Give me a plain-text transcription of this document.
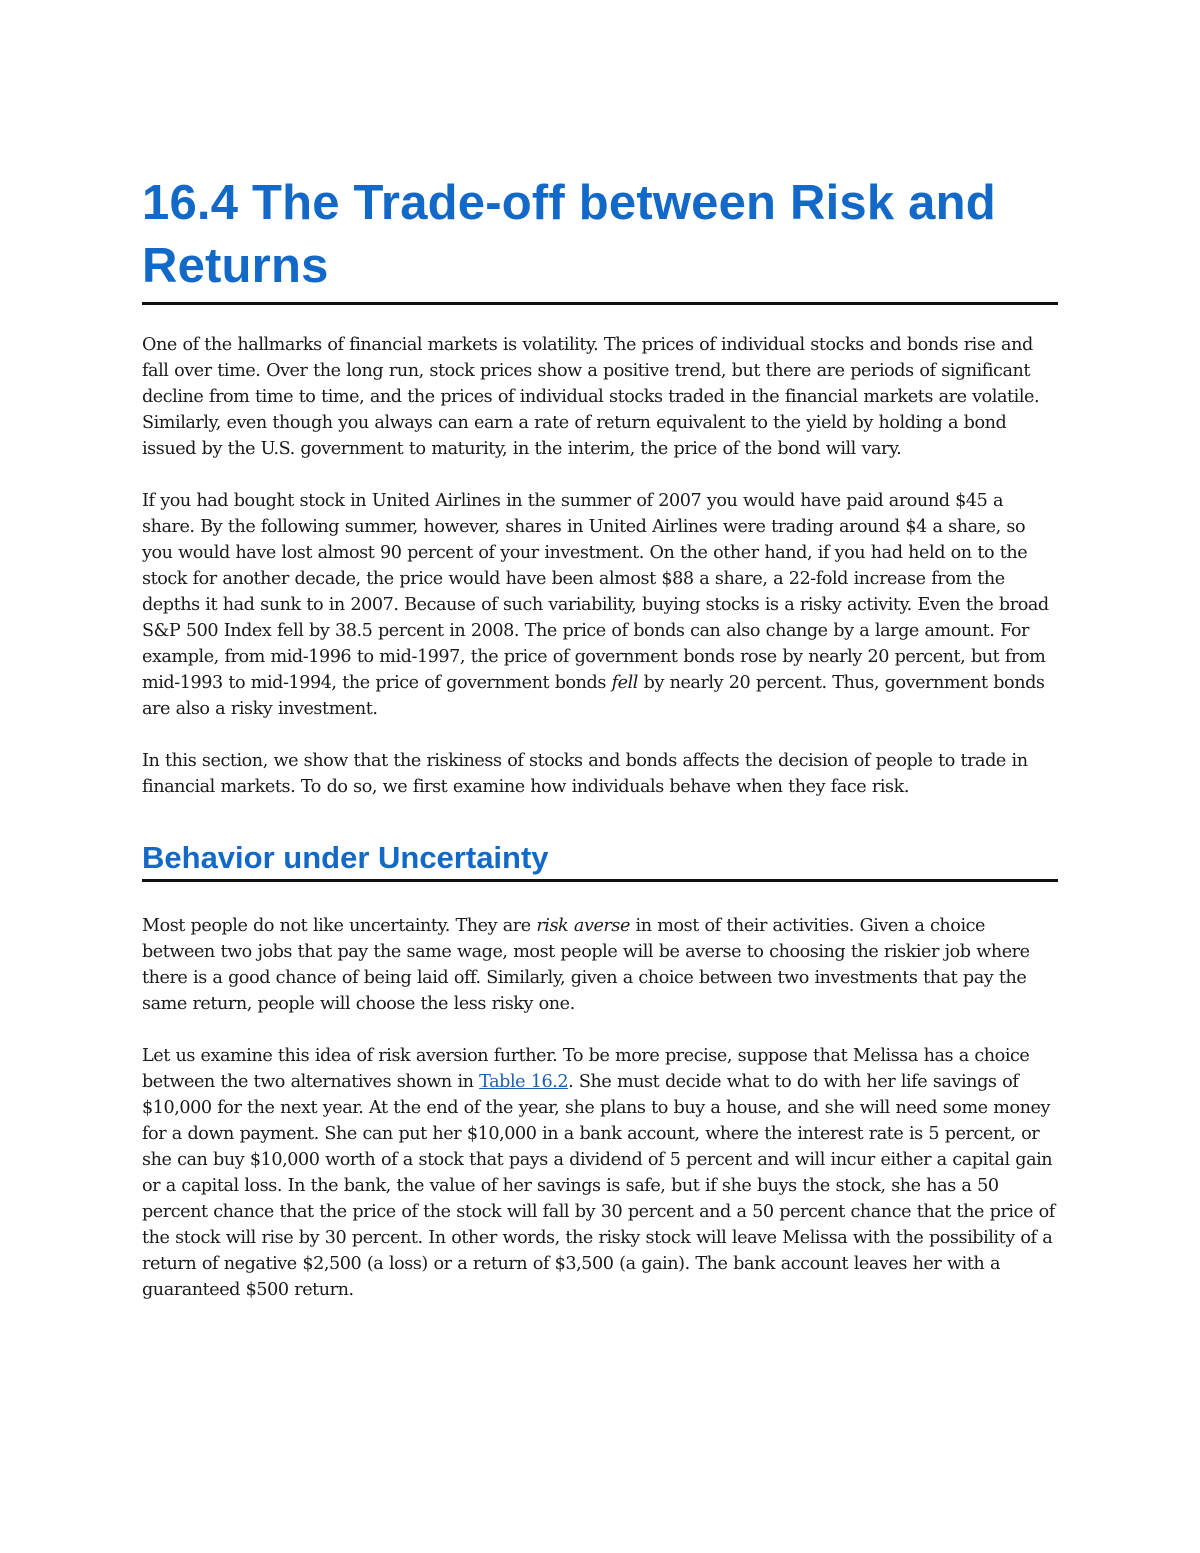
16.4 The Trade-off between Risk and Returns

One of the hallmarks of financial markets is volatility. The prices of individual stocks and bonds rise and fall over time. Over the long run, stock prices show a positive trend, but there are periods of significant decline from time to time, and the prices of individual stocks traded in the financial markets are volatile. Similarly, even though you always can earn a rate of return equivalent to the yield by holding a bond issued by the U.S. government to maturity, in the interim, the price of the bond will vary.

If you had bought stock in United Airlines in the summer of 2007 you would have paid around $45 a share. By the following summer, however, shares in United Airlines were trading around $4 a share, so you would have lost almost 90 percent of your investment. On the other hand, if you had held on to the stock for another decade, the price would have been almost $88 a share, a 22-fold increase from the depths it had sunk to in 2007. Because of such variability, buying stocks is a risky activity. Even the broad S&P 500 Index fell by 38.5 percent in 2008. The price of bonds can also change by a large amount. For example, from mid-1996 to mid-1997, the price of government bonds rose by nearly 20 percent, but from mid-1993 to mid-1994, the price of government bonds fell by nearly 20 percent. Thus, government bonds are also a risky investment.

In this section, we show that the riskiness of stocks and bonds affects the decision of people to trade in financial markets. To do so, we first examine how individuals behave when they face risk.

Behavior under Uncertainty

Most people do not like uncertainty. They are risk averse in most of their activities. Given a choice between two jobs that pay the same wage, most people will be averse to choosing the riskier job where there is a good chance of being laid off. Similarly, given a choice between two investments that pay the same return, people will choose the less risky one.

Let us examine this idea of risk aversion further. To be more precise, suppose that Melissa has a choice between the two alternatives shown in Table 16.2. She must decide what to do with her life savings of $10,000 for the next year. At the end of the year, she plans to buy a house, and she will need some money for a down payment. She can put her $10,000 in a bank account, where the interest rate is 5 percent, or she can buy $10,000 worth of a stock that pays a dividend of 5 percent and will incur either a capital gain or a capital loss. In the bank, the value of her savings is safe, but if she buys the stock, she has a 50 percent chance that the price of the stock will fall by 30 percent and a 50 percent chance that the price of the stock will rise by 30 percent. In other words, the risky stock will leave Melissa with the possibility of a return of negative $2,500 (a loss) or a return of $3,500 (a gain). The bank account leaves her with a guaranteed $500 return.
